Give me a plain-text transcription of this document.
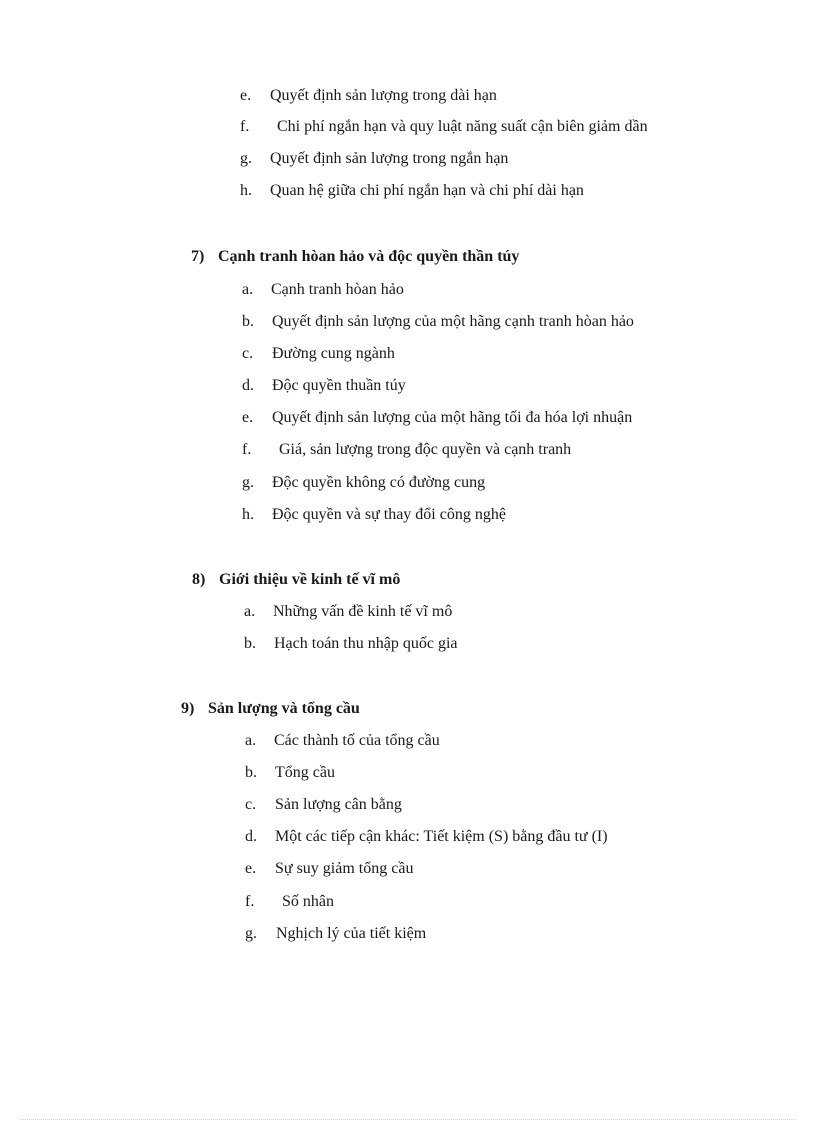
e. Quyết định sản lượng trong dài hạn
f. Chi phí ngắn hạn và quy luật năng suất cận biên giảm dần
g. Quyết định sản lượng trong ngắn hạn
h. Quan hệ giữa chi phí ngắn hạn và chi phí dài hạn
7) Cạnh tranh hòan hảo và độc quyền thần túy
a. Cạnh tranh hòan hảo
b. Quyết định sản lượng của một hãng cạnh tranh hòan hảo
c. Đường cung ngành
d. Độc quyền thuần túy
e. Quyết định sản lượng của một hãng tối đa hóa lợi nhuận
f. Giá, sản lượng trong độc quyền và cạnh tranh
g. Độc quyền không có đường cung
h. Độc quyền và sự thay đổi công nghệ
8) Giới thiệu về kinh tế vĩ mô
a. Những vấn đề kinh tế vĩ mô
b. Hạch toán thu nhập quốc gia
9) Sản lượng và tổng cầu
a. Các thành tố của tổng cầu
b. Tổng cầu
c. Sản lượng cân bằng
d. Một các tiếp cận khác: Tiết kiệm (S) bằng đầu tư (I)
e. Sự suy giảm tổng cầu
f. Số nhân
g. Nghịch lý của tiết kiệm
